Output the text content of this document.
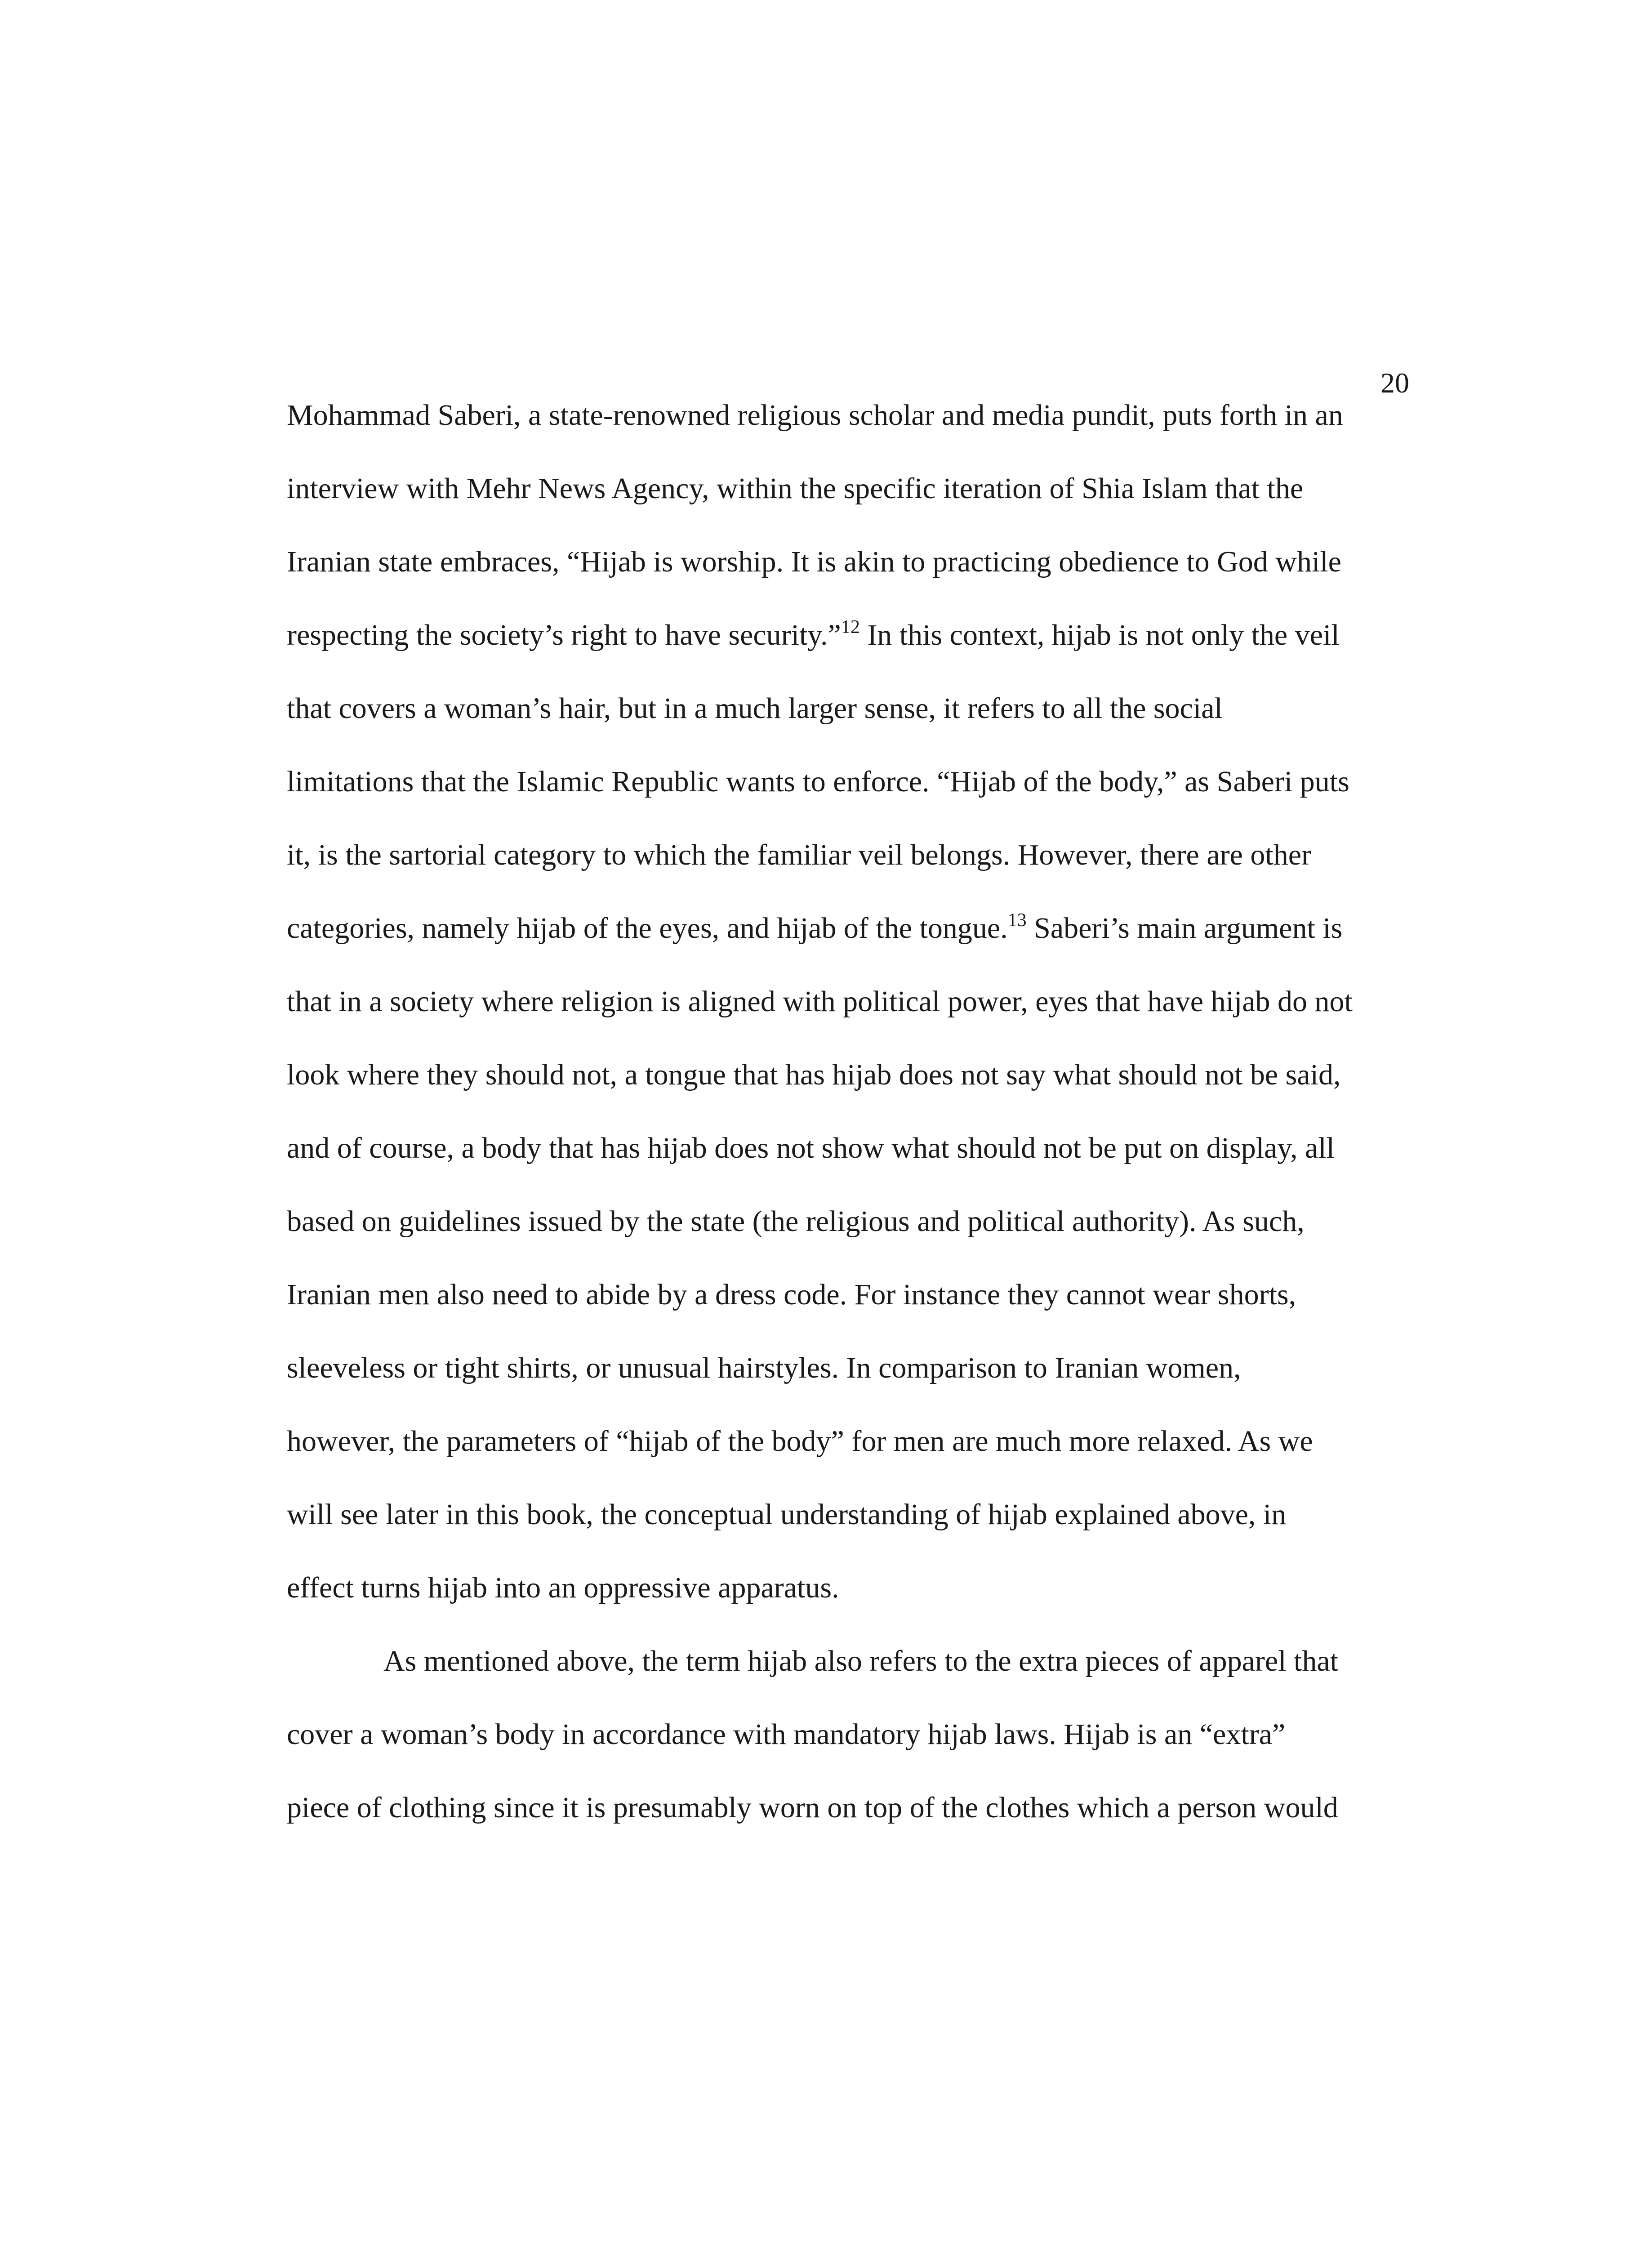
20
Mohammad Saberi, a state-renowned religious scholar and media pundit, puts forth in an
interview with Mehr News Agency, within the specific iteration of Shia Islam that the
Iranian state embraces, “Hijab is worship. It is akin to practicing obedience to God while
respecting the society’s right to have security.”$^{12}$ In this context, hijab is not only the veil
that covers a woman’s hair, but in a much larger sense, it refers to all the social
limitations that the Islamic Republic wants to enforce. “Hijab of the body,” as Saberi puts
it, is the sartorial category to which the familiar veil belongs. However, there are other
categories, namely hijab of the eyes, and hijab of the tongue.$^{13}$ Saberi’s main argument is
that in a society where religion is aligned with political power, eyes that have hijab do not
look where they should not, a tongue that has hijab does not say what should not be said,
and of course, a body that has hijab does not show what should not be put on display, all
based on guidelines issued by the state (the religious and political authority). As such,
Iranian men also need to abide by a dress code. For instance they cannot wear shorts,
sleeveless or tight shirts, or unusual hairstyles. In comparison to Iranian women,
however, the parameters of “hijab of the body” for men are much more relaxed. As we
will see later in this book, the conceptual understanding of hijab explained above, in
effect turns hijab into an oppressive apparatus.
As mentioned above, the term hijab also refers to the extra pieces of apparel that
cover a woman’s body in accordance with mandatory hijab laws. Hijab is an “extra”
piece of clothing since it is presumably worn on top of the clothes which a person would
